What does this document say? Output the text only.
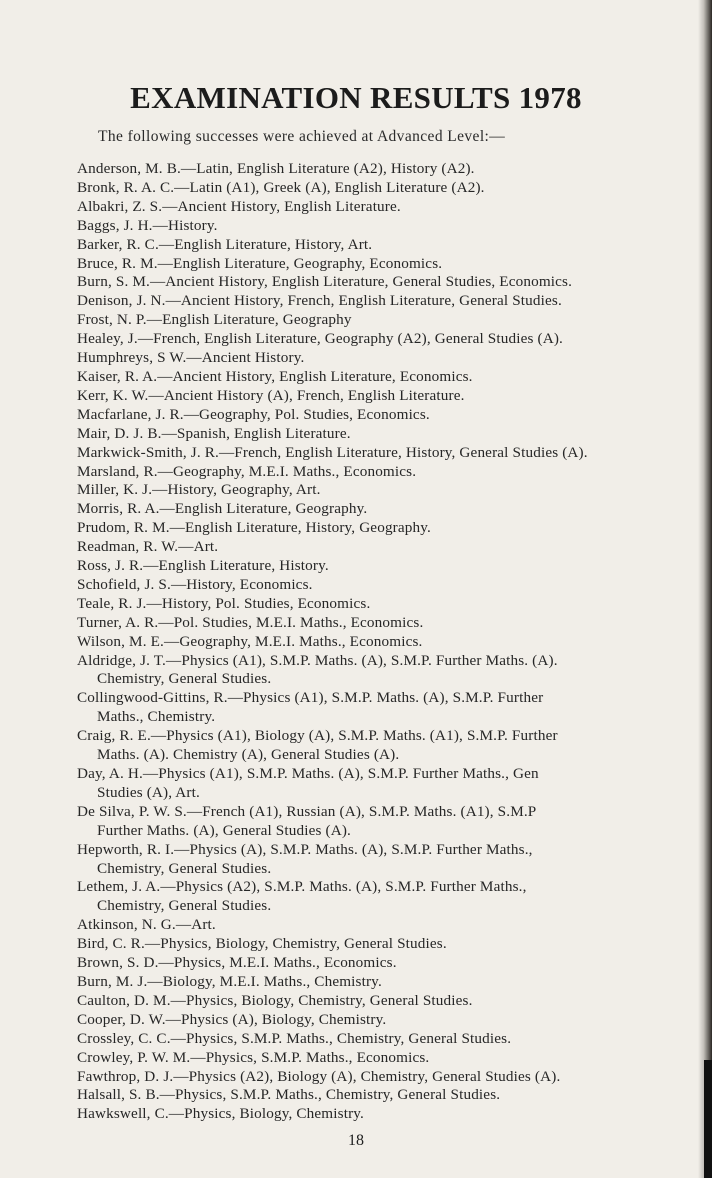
EXAMINATION RESULTS 1978

The following successes were achieved at Advanced Level:—

Anderson, M. B.—Latin, English Literature (A2), History (A2).
Bronk, R. A. C.—Latin (A1), Greek (A), English Literature (A2).
Albakri, Z. S.—Ancient History, English Literature.
Baggs, J. H.—History.
Barker, R. C.—English Literature, History, Art.
Bruce, R. M.—English Literature, Geography, Economics.
Burn, S. M.—Ancient History, English Literature, General Studies, Economics.
Denison, J. N.—Ancient History, French, English Literature, General Studies.
Frost, N. P.—English Literature, Geography
Healey, J.—French, English Literature, Geography (A2), General Studies (A).
Humphreys, S W.—Ancient History.
Kaiser, R. A.—Ancient History, English Literature, Economics.
Kerr, K. W.—Ancient History (A), French, English Literature.
Macfarlane, J. R.—Geography, Pol. Studies, Economics.
Mair, D. J. B.—Spanish, English Literature.
Markwick-Smith, J. R.—French, English Literature, History, General Studies (A).
Marsland, R.—Geography, M.E.I. Maths., Economics.
Miller, K. J.—History, Geography, Art.
Morris, R. A.—English Literature, Geography.
Prudom, R. M.—English Literature, History, Geography.
Readman, R. W.—Art.
Ross, J. R.—English Literature, History.
Schofield, J. S.—History, Economics.
Teale, R. J.—History, Pol. Studies, Economics.
Turner, A. R.—Pol. Studies, M.E.I. Maths., Economics.
Wilson, M. E.—Geography, M.E.I. Maths., Economics.
Aldridge, J. T.—Physics (A1), S.M.P. Maths. (A), S.M.P. Further Maths. (A).
Chemistry, General Studies.
Collingwood-Gittins, R.—Physics (A1), S.M.P. Maths. (A), S.M.P. Further
Maths., Chemistry.
Craig, R. E.—Physics (A1), Biology (A), S.M.P. Maths. (A1), S.M.P. Further
Maths. (A). Chemistry (A), General Studies (A).
Day, A. H.—Physics (A1), S.M.P. Maths. (A), S.M.P. Further Maths., Gen
Studies (A), Art.
De Silva, P. W. S.—French (A1), Russian (A), S.M.P. Maths. (A1), S.M.P
Further Maths. (A), General Studies (A).
Hepworth, R. I.—Physics (A), S.M.P. Maths. (A), S.M.P. Further Maths.,
Chemistry, General Studies.
Lethem, J. A.—Physics (A2), S.M.P. Maths. (A), S.M.P. Further Maths.,
Chemistry, General Studies.
Atkinson, N. G.—Art.
Bird, C. R.—Physics, Biology, Chemistry, General Studies.
Brown, S. D.—Physics, M.E.I. Maths., Economics.
Burn, M. J.—Biology, M.E.I. Maths., Chemistry.
Caulton, D. M.—Physics, Biology, Chemistry, General Studies.
Cooper, D. W.—Physics (A), Biology, Chemistry.
Crossley, C. C.—Physics, S.M.P. Maths., Chemistry, General Studies.
Crowley, P. W. M.—Physics, S.M.P. Maths., Economics.
Fawthrop, D. J.—Physics (A2), Biology (A), Chemistry, General Studies (A).
Halsall, S. B.—Physics, S.M.P. Maths., Chemistry, General Studies.
Hawkswell, C.—Physics, Biology, Chemistry.

18
